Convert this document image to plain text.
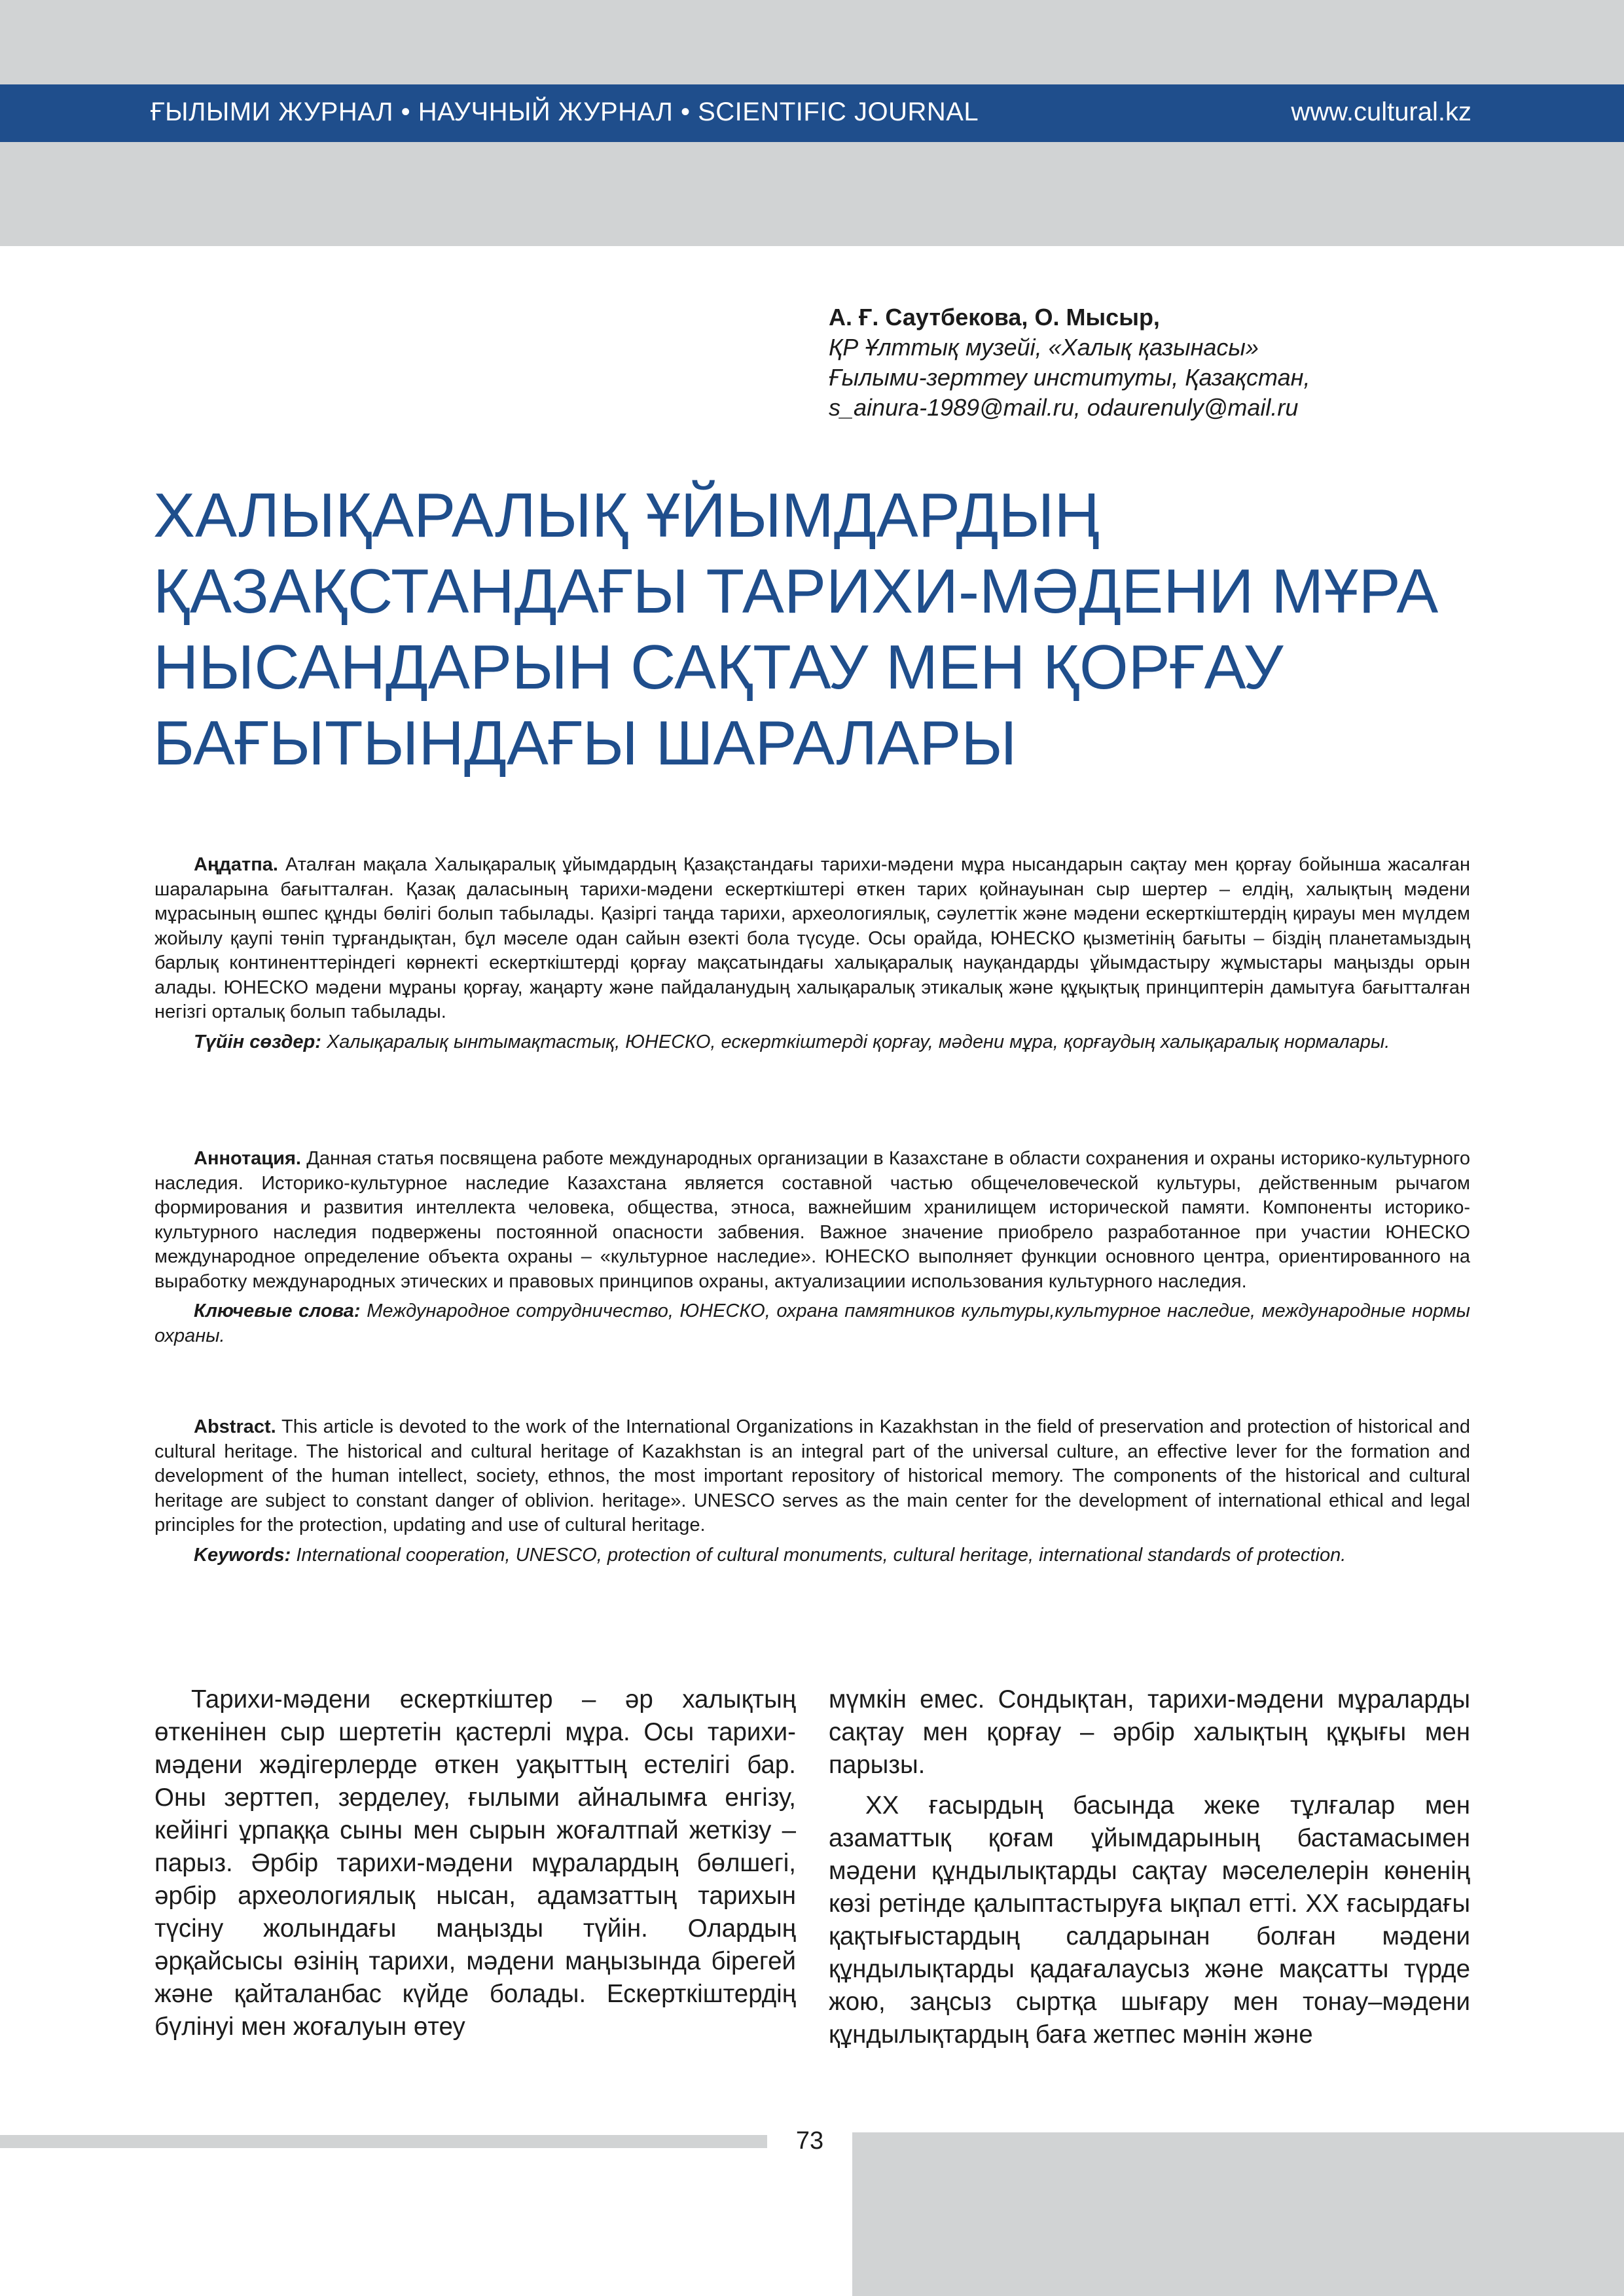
ҒЫЛЫМИ ЖУРНАЛ • НАУЧНЫЙ ЖУРНАЛ • SCIENTIFIC JOURNAL	www.cultural.kz
А. Ғ. Саутбекова, О. Мысыр,
ҚР Ұлттық музейі, «Халық қазынасы»
Ғылыми-зерттеу институты, Қазақстан,
s_ainura-1989@mail.ru, odaurenuly@mail.ru
ХАЛЫҚАРАЛЫҚ ҰЙЫМДАРДЫҢ
ҚАЗАҚСТАНДАҒЫ ТАРИХИ-МӘДЕНИ МҰРА
НЫСАНДАРЫН САҚТАУ МЕН ҚОРҒАУ
БАҒЫТЫНДАҒЫ ШАРАЛАРЫ

Аңдатпа. Аталған мақала Халықаралық ұйымдардың Қазақстандағы тарихи-мәдени мұра нысандарын сақтау мен қорғау бойынша жасалған шараларына бағытталған. Қазақ даласының тарихи-мәдени ескерткіштері өткен тарих қойнауынан сыр шертер – елдің, халықтың мәдени мұрасының өшпес құнды бөлігі болып табылады. Қазіргі таңда тарихи, археологиялық, сәулеттік және мәдени ескерткіштердің қирауы мен мүлдем жойылу қаупі төніп тұрғандықтан, бұл мәселе одан сайын өзекті бола түсуде. Осы орайда, ЮНЕСКО қызметінің бағыты – біздің планетамыздың барлық континенттеріндегі көрнекті ескерткіштерді қорғау мақсатындағы халықаралық науқандарды ұйымдастыру жұмыстары маңызды орын алады. ЮНЕСКО мәдени мұраны қорғау, жаңарту және пайдаланудың халықаралық этикалық және құқықтық принциптерін дамытуға бағытталған негізгі орталық болып табылады.

Түйін сөздер: Халықаралық ынтымақтастық, ЮНЕСКО, ескерткіштерді қорғау, мәдени мұра, қорғаудың халықаралық нормалары.

Аннотация. Данная статья посвящена работе международных организации в Казахстане в области сохранения и охраны историко-культурного наследия. Историко-культурное наследие Казахстана является составной частью общечеловеческой культуры, действенным рычагом формирования и развития интеллекта человека, общества, этноса, важнейшим хранилищем исторической памяти. Компоненты историко-культурного наследия подвержены постоянной опасности забвения. Важное значение приобрело разработанное при участии ЮНЕСКО международное определение объекта охраны – «культурное наследие». ЮНЕСКО выполняет функции основного центра, ориентированного на выработку международных этических и правовых принципов охраны, актуализациии использования культурного наследия.

Ключевые слова: Международное сотрудничество, ЮНЕСКО, охрана памятников культуры,культурное наследие, международные нормы охраны.

Abstract. This article is devoted to the work of the International Organizations in Kazakhstan in the field of preservation and protection of historical and cultural heritage. The historical and cultural heritage of Kazakhstan is an integral part of the universal culture, an effective lever for the formation and development of the human intellect, society, ethnos, the most important repository of historical memory. The components of the historical and cultural heritage are subject to constant danger of oblivion. heritage». UNESCO serves as the main center for the development of international ethical and legal principles for the protection, updating and use of cultural heritage.

Keywords: International cooperation, UNESCO, protection of cultural monuments, cultural heritage, international standards of protection.

Тарихи-мәдени ескерткіштер – әр халықтың өткенінен сыр шертетін қастерлі мұра. Осы тарихи-мәдени жәдігерлерде өткен уақыттың естелігі бар. Оны зерттеп, зерделеу, ғылыми айналымға енгізу, кейінгі ұрпаққа сыны мен сырын жоғалтпай жеткізу – парыз. Әрбір тарихи-мәдени мұралардың бөлшегі, әрбір археологиялық нысан, адамзаттың тарихын түсіну жолындағы маңызды түйін. Олардың әрқайсысы өзінің тарихи, мәдени маңызында бірегей және қайталанбас күйде болады. Ескерткіштердің бүлінуі мен жоғалуын өтеу

мүмкін емес. Сондықтан, тарихи-мәдени мұраларды сақтау мен қорғау – әрбір халықтың құқығы мен парызы.

XX ғасырдың басында жеке тұлғалар мен азаматтық қоғам ұйымдарының бастамасымен мәдени құндылықтарды сақтау мәселелерін көненің көзі ретінде қалыптастыруға ықпал етті. XX ғасырдағы қақтығыстардың салдарынан болған мәдени құндылықтарды қадағалаусыз және мақсатты түрде жою, заңсыз сыртқа шығару мен тонау–мәдени құндылықтардың баға жетпес мәнін және

73
